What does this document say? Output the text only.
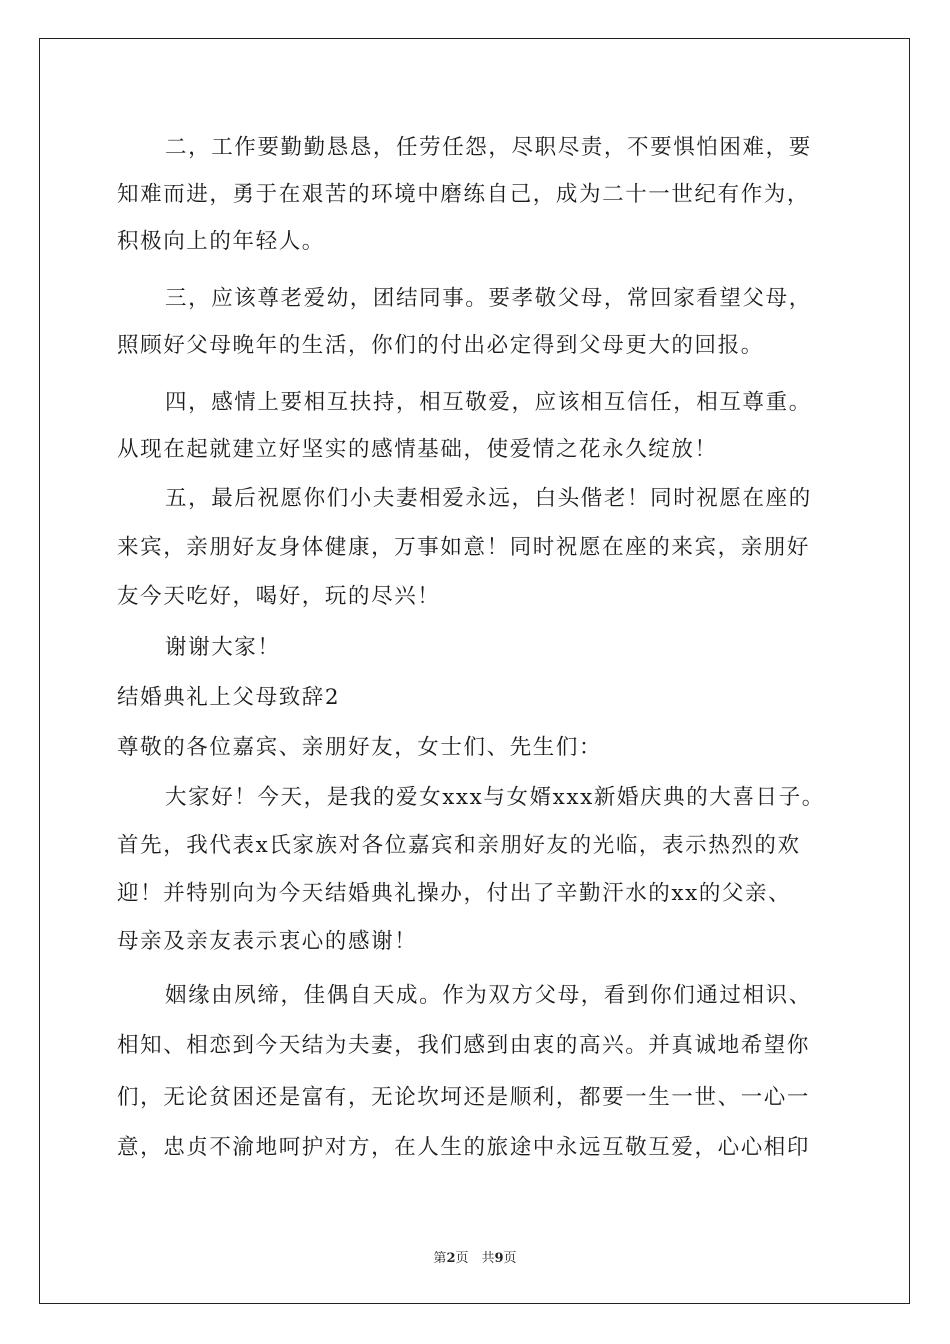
二，工作要勤勤恳恳，任劳任怨，尽职尽责，不要惧怕困难，要
知难而进，勇于在艰苦的环境中磨练自己，成为二十一世纪有作为，
积极向上的年轻人。
三，应该尊老爱幼，团结同事。要孝敬父母，常回家看望父母，
照顾好父母晚年的生活，你们的付出必定得到父母更大的回报。
四，感情上要相互扶持，相互敬爱，应该相互信任，相互尊重。
从现在起就建立好坚实的感情基础，使爱情之花永久绽放！
五，最后祝愿你们小夫妻相爱永远，白头偕老！同时祝愿在座的
来宾，亲朋好友身体健康，万事如意！同时祝愿在座的来宾，亲朋好
友今天吃好，喝好，玩的尽兴！
谢谢大家！
结婚典礼上父母致辞2
尊敬的各位嘉宾、亲朋好友，女士们、先生们：
大家好！今天，是我的爱女xxx与女婿xxx新婚庆典的大喜日子。
首先，我代表x氏家族对各位嘉宾和亲朋好友的光临，表示热烈的欢
迎！并特别向为今天结婚典礼操办，付出了辛勤汗水的xx的父亲、
母亲及亲友表示衷心的感谢！
姻缘由夙缔，佳偶自天成。作为双方父母，看到你们通过相识、
相知、相恋到今天结为夫妻，我们感到由衷的高兴。并真诚地希望你
们，无论贫困还是富有，无论坎坷还是顺利，都要一生一世、一心一
意，忠贞不渝地呵护对方，在人生的旅途中永远互敬互爱，心心相印
第2页　共9页
